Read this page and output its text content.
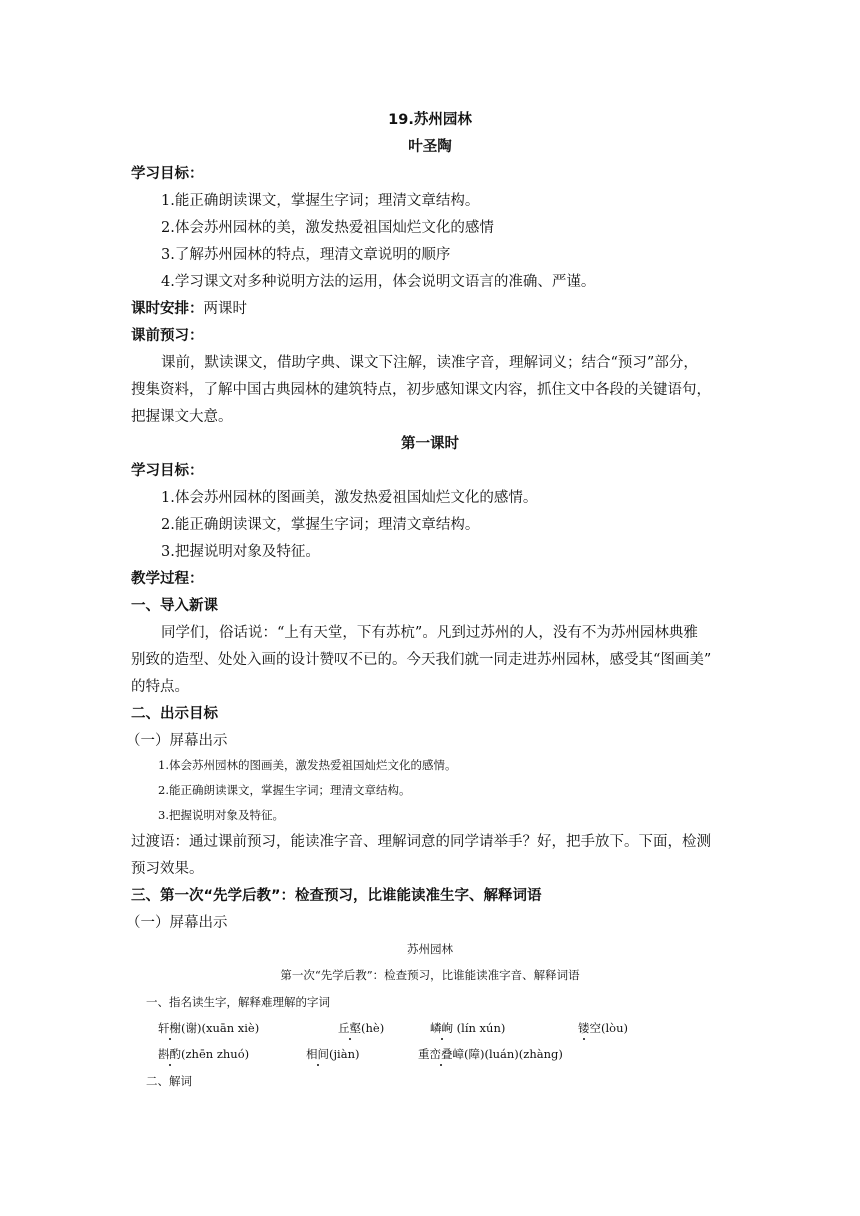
19.苏州园林
叶圣陶
学习目标：
1.能正确朗读课文，掌握生字词；理清文章结构。
2.体会苏州园林的美，激发热爱祖国灿烂文化的感情
3.了解苏州园林的特点，理清文章说明的顺序
4.学习课文对多种说明方法的运用，体会说明文语言的准确、严谨。
课时安排：两课时
课前预习：
课前，默读课文，借助字典、课文下注解，读准字音，理解词义；结合“预习”部分，
搜集资料，了解中国古典园林的建筑特点，初步感知课文内容，抓住文中各段的关键语句，
把握课文大意。
第一课时
学习目标：
1.体会苏州园林的图画美，激发热爱祖国灿烂文化的感情。
2.能正确朗读课文，掌握生字词；理清文章结构。
3.把握说明对象及特征。
教学过程：
一、导入新课
同学们，俗话说：“上有天堂，下有苏杭”。凡到过苏州的人，没有不为苏州园林典雅
别致的造型、处处入画的设计赞叹不已的。今天我们就一同走进苏州园林，感受其“图画美”
的特点。
二、出示目标
（一）屏幕出示
1.体会苏州园林的图画美，激发热爱祖国灿烂文化的感情。
2.能正确朗读课文，掌握生字词；理清文章结构。
3.把握说明对象及特征。
过渡语：通过课前预习，能读准字音、理解词意的同学请举手？好，把手放下。下面，检测
预习效果。
三、第一次“先学后教”：检查预习，比谁能读准生字、解释词语
（一）屏幕出示
苏州园林
第一次“先学后教”：检查预习，比谁能读准字音、解释词语
一、指名读生字，解释难理解的字词
轩榭(谢)(xuān xiè)	丘壑(hè)	嶙峋 (lín xún)	镂空(lòu)
斟酌(zhēn zhuó)	相间(jiàn)	重峦叠嶂(障)(luán)(zhàng)
二、解词
